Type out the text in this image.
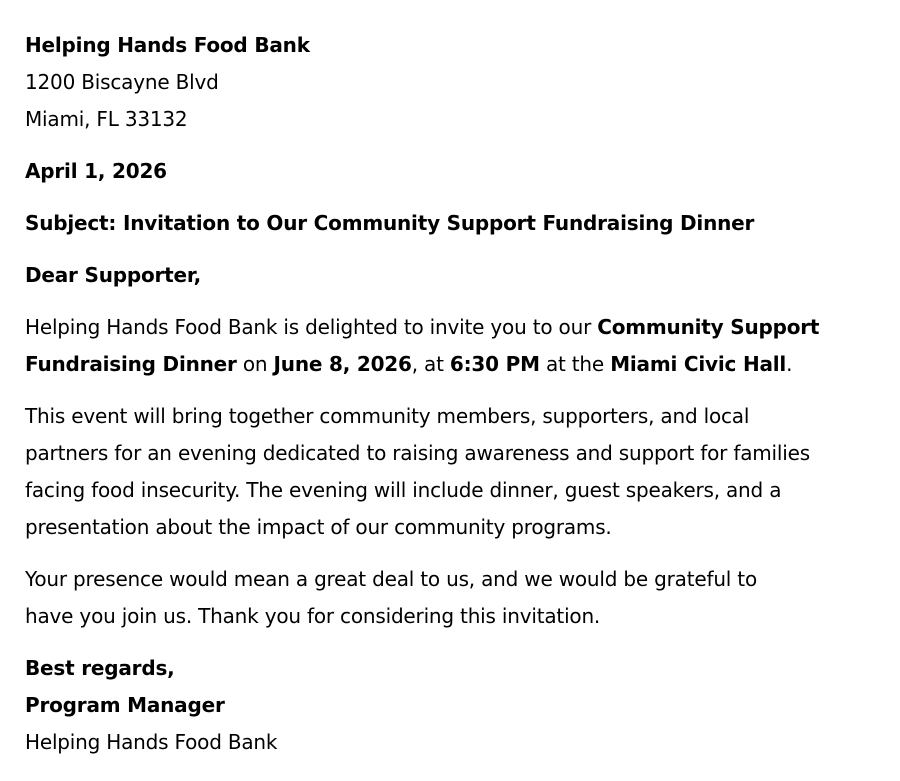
Helping Hands Food Bank
1200 Biscayne Blvd
Miami, FL 33132
April 1, 2026
Subject: Invitation to Our Community Support Fundraising Dinner
Dear Supporter,
Helping Hands Food Bank is delighted to invite you to our Community Support
Fundraising Dinner on June 8, 2026, at 6:30 PM at the Miami Civic Hall.
This event will bring together community members, supporters, and local
partners for an evening dedicated to raising awareness and support for families
facing food insecurity. The evening will include dinner, guest speakers, and a
presentation about the impact of our community programs.
Your presence would mean a great deal to us, and we would be grateful to
have you join us. Thank you for considering this invitation.
Best regards,
Program Manager
Helping Hands Food Bank
